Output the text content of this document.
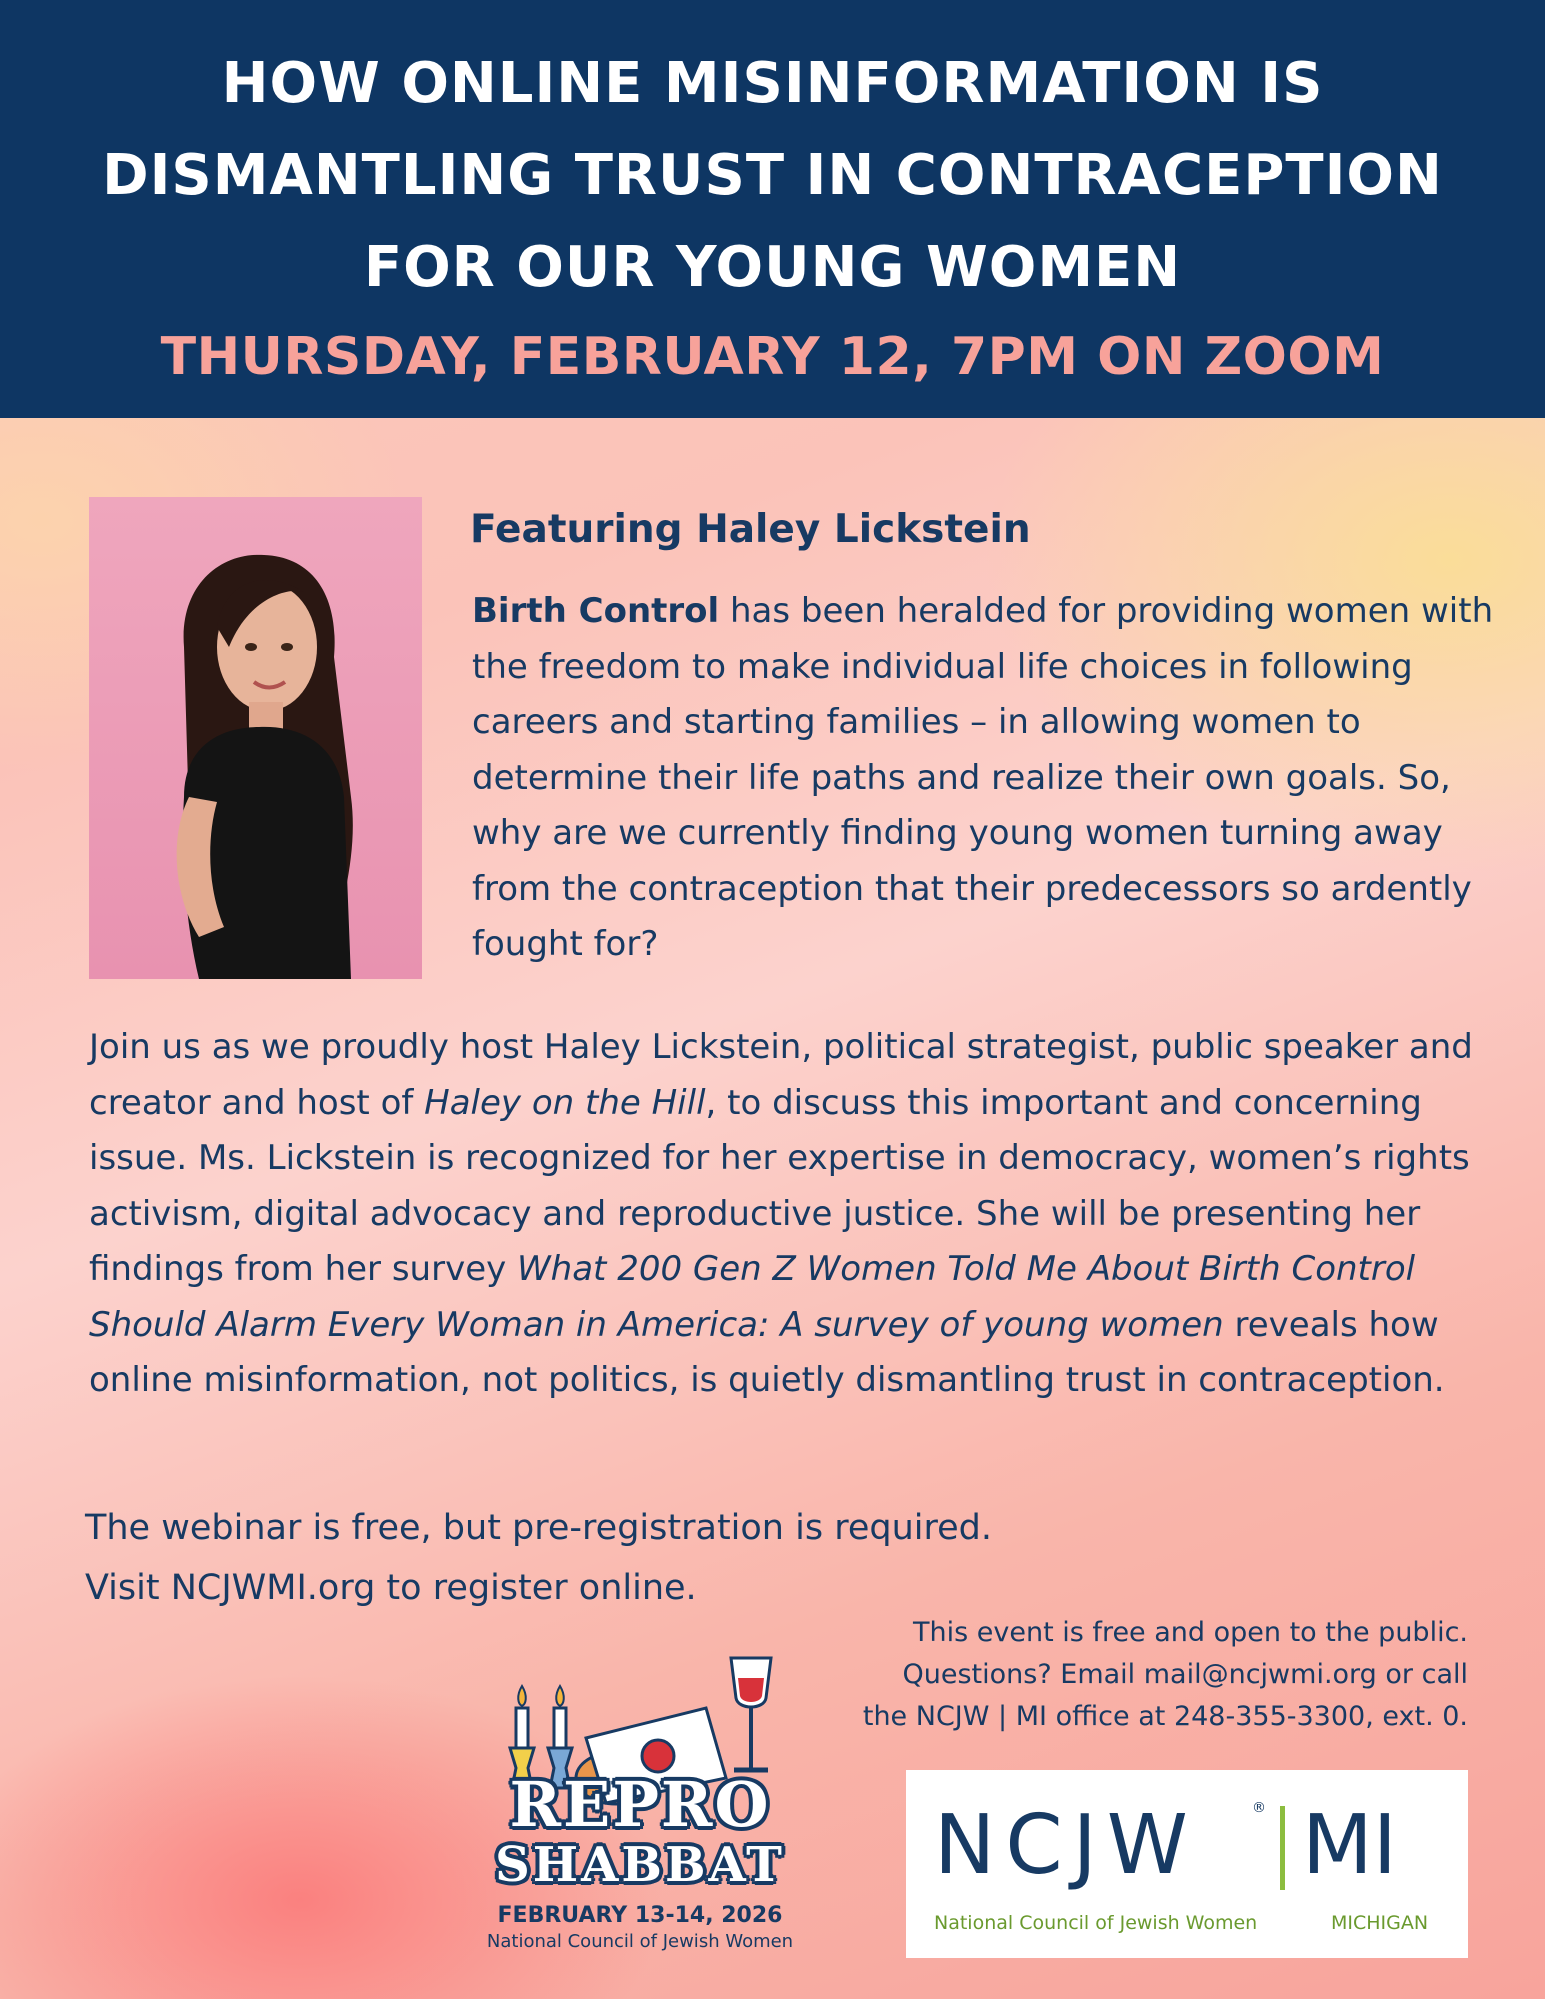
HOW ONLINE MISINFORMATION IS
DISMANTLING TRUST IN CONTRACEPTION
FOR OUR YOUNG WOMEN
THURSDAY, FEBRUARY 12, 7PM ON ZOOM
Featuring Haley Lickstein
Birth Control has been heralded for providing women with the freedom to make individual life choices in following careers and starting families – in allowing women to determine their life paths and realize their own goals. So, why are we currently finding young women turning away from the contraception that their predecessors so ardently fought for?
Join us as we proudly host Haley Lickstein, political strategist, public speaker and creator and host of Haley on the Hill, to discuss this important and concerning issue. Ms. Lickstein is recognized for her expertise in democracy, women’s rights activism, digital advocacy and reproductive justice. She will be presenting her findings from her survey What 200 Gen Z Women Told Me About Birth Control Should Alarm Every Woman in America: A survey of young women reveals how online misinformation, not politics, is quietly dismantling trust in contraception.
The webinar is free, but pre-registration is required.
Visit NCJWMI.org to register online.
This event is free and open to the public.
Questions? Email mail@ncjwmi.org or call
the NCJW | MI office at 248-355-3300, ext. 0.
REPRO
SHABBAT
FEBRUARY 13-14, 2026
National Council of Jewish Women
NCJW	® MI
National Council of Jewish Women	MICHIGAN
